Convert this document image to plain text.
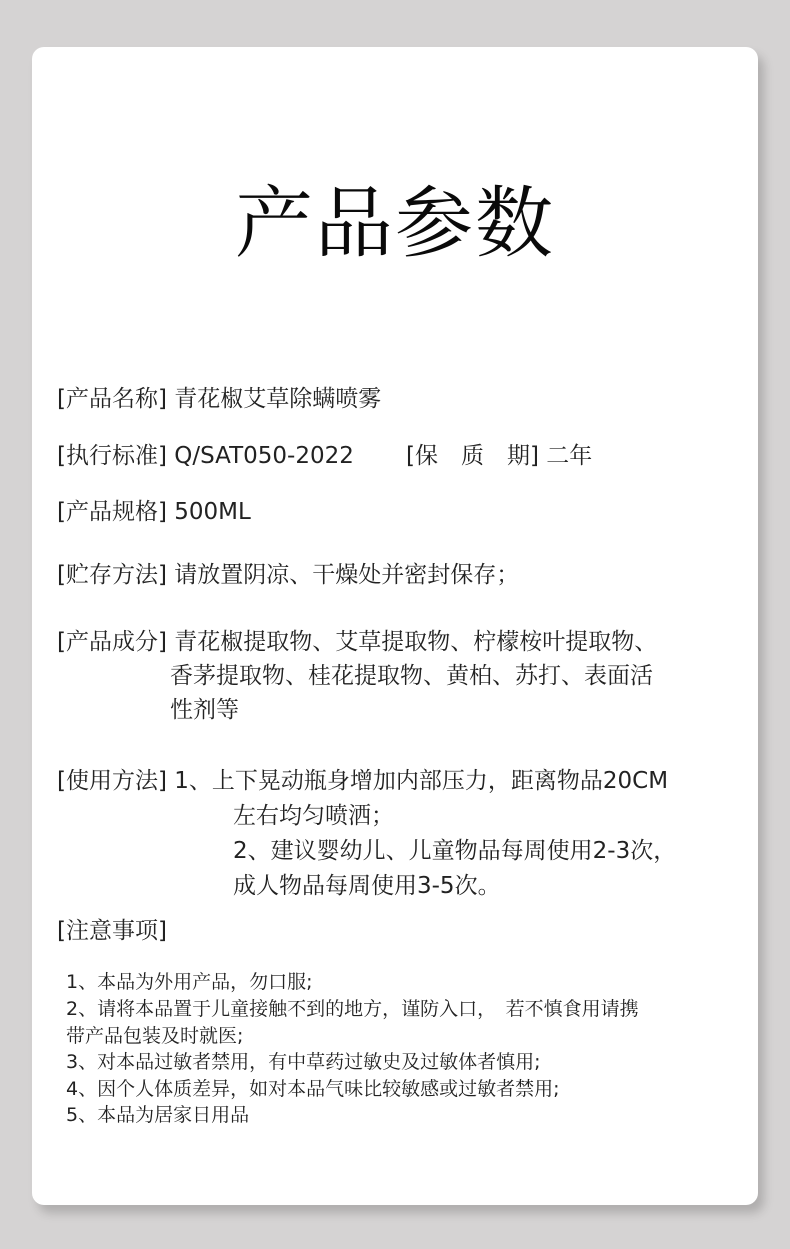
产品参数
[产品名称] 青花椒艾草除螨喷雾
[执行标准] Q/SAT050-2022 [保　质　期] 二年
[产品规格] 500ML
[贮存方法] 请放置阴凉、干燥处并密封保存；
[产品成分] 青花椒提取物、艾草提取物、柠檬桉叶提取物、
香茅提取物、桂花提取物、黄柏、苏打、表面活
性剂等
[使用方法] 1、上下晃动瓶身增加内部压力，距离物品20CM
左右均匀喷洒；
2、建议婴幼儿、儿童物品每周使用2-3次，
成人物品每周使用3-5次。
[注意事项]
1、本品为外用产品，勿口服;
2、请将本品置于儿童接触不到的地方，谨防入口，　若不慎食用请携
带产品包装及时就医;
3、对本品过敏者禁用，有中草药过敏史及过敏体者慎用;
4、因个人体质差异，如对本品气味比较敏感或过敏者禁用;
5、本品为居家日用品
